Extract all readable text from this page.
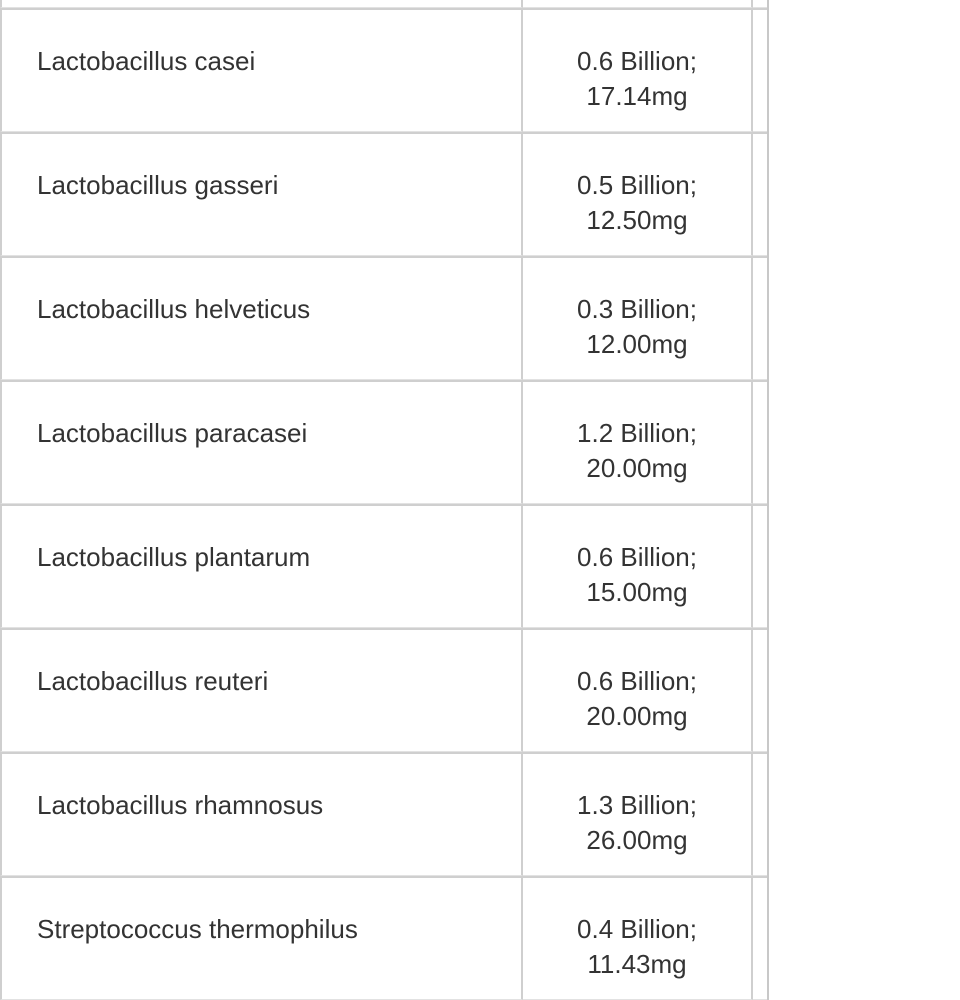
Lactobacillus casei	0.6 Billion;
17.14mg	

Lactobacillus gasseri	0.5 Billion;
12.50mg	

Lactobacillus helveticus	0.3 Billion;
12.00mg	

Lactobacillus paracasei	1.2 Billion;
20.00mg	

Lactobacillus plantarum	0.6 Billion;
15.00mg	

Lactobacillus reuteri	0.6 Billion;
20.00mg	

Lactobacillus rhamnosus	1.3 Billion;
26.00mg	

Streptococcus thermophilus	0.4 Billion;
11.43mg	
